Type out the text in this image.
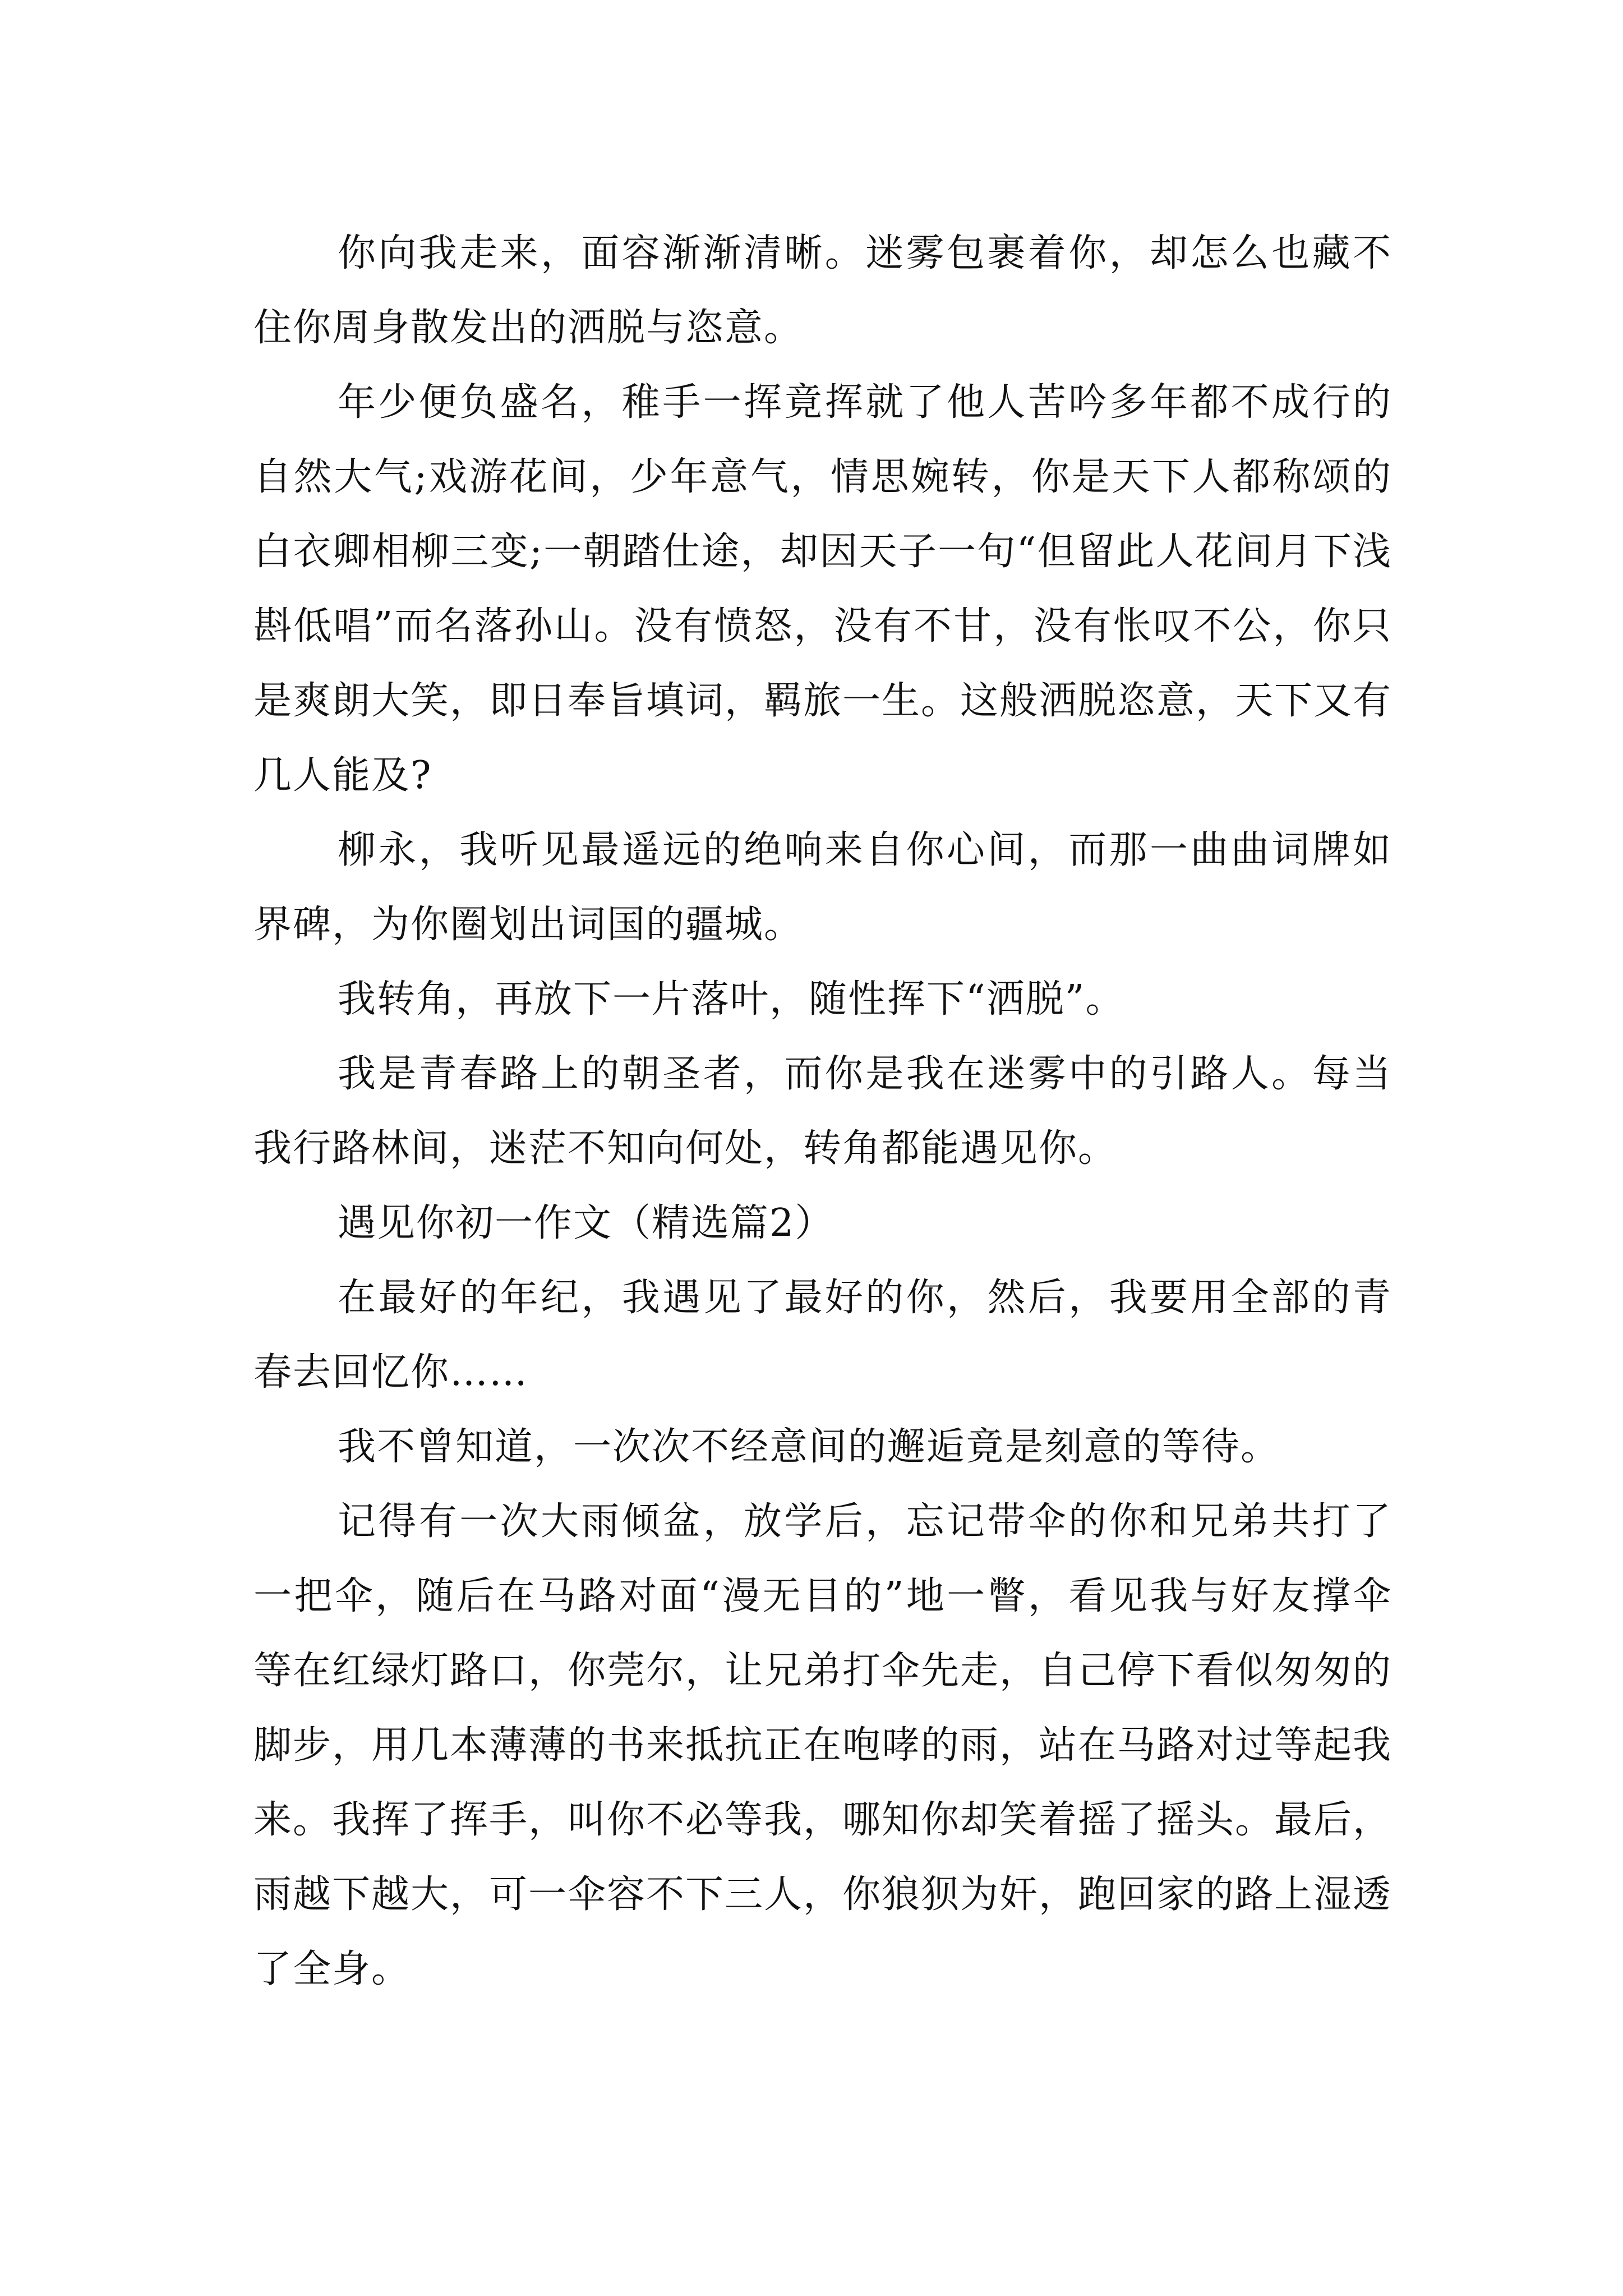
你向我走来，面容渐渐清晰。迷雾包裹着你，却怎么也藏不住你周身散发出的洒脱与恣意。

年少便负盛名，稚手一挥竟挥就了他人苦吟多年都不成行的自然大气;戏游花间，少年意气，情思婉转，你是天下人都称颂的白衣卿相柳三变;一朝踏仕途，却因天子一句“但留此人花间月下浅斟低唱”而名落孙山。没有愤怒，没有不甘，没有怅叹不公，你只是爽朗大笑，即日奉旨填词，羁旅一生。这般洒脱恣意，天下又有几人能及?

柳永，我听见最遥远的绝响来自你心间，而那一曲曲词牌如界碑，为你圈划出词国的疆城。

我转角，再放下一片落叶，随性挥下“洒脱”。

我是青春路上的朝圣者，而你是我在迷雾中的引路人。每当我行路林间，迷茫不知向何处，转角都能遇见你。

遇见你初一作文（精选篇2）

在最好的年纪，我遇见了最好的你，然后，我要用全部的青春去回忆你……

我不曾知道，一次次不经意间的邂逅竟是刻意的等待。

记得有一次大雨倾盆，放学后，忘记带伞的你和兄弟共打了一把伞，随后在马路对面“漫无目的”地一瞥，看见我与好友撑伞等在红绿灯路口，你莞尔，让兄弟打伞先走，自己停下看似匆匆的脚步，用几本薄薄的书来抵抗正在咆哮的雨，站在马路对过等起我来。我挥了挥手，叫你不必等我，哪知你却笑着摇了摇头。最后，雨越下越大，可一伞容不下三人，你狼狈为奸，跑回家的路上湿透了全身。
